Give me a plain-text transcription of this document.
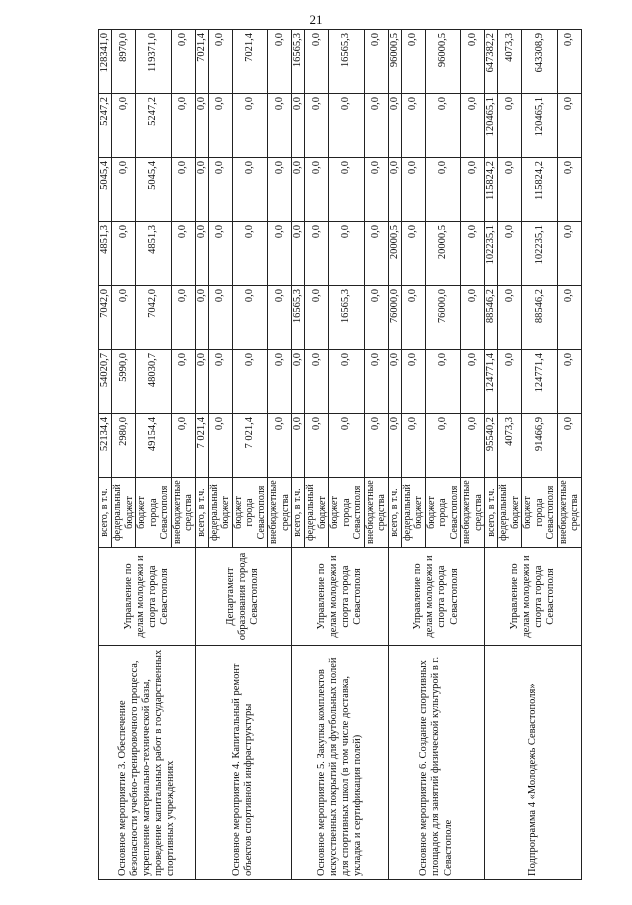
21
Основное мероприятие 3. Обеспечение безопасности учебно-тренировочного процесса, укрепление материально-технической базы, проведение капитальных работ в государственных спортивных учреждениях	Управление по делам молодежи и спорта города Севастополя	всего, в т.ч.	52134,4	54020,7	7042,0	4851,3	5045,4	5247,2	128341,0
		федеральный бюджет	2980,0	5990,0	0,0	0,0	0,0	0,0	8970,0
		бюджет города Севастополя	49154,4	48030,7	7042,0	4851,3	5045,4	5247,2	119371,0
		внебюджетные средства	0,0	0,0	0,0	0,0	0,0	0,0	0,0
Основное мероприятие 4. Капитальный ремонт объектов спортивной инфраструктуры	Департамент образования города Севастополя	всего, в т.ч.	7 021,4	0,0	0,0	0,0	0,0	0,0	7021,4
		федеральный бюджет	0,0	0,0	0,0	0,0	0,0	0,0	0,0
		бюджет города Севастополя	7 021,4	0,0	0,0	0,0	0,0	0,0	7021,4
		внебюджетные средства	0,0	0,0	0,0	0,0	0,0	0,0	0,0
Основное мероприятие 5. Закупка комплектов искусственных покрытий для футбольных полей для спортивных школ (в том числе доставка, укладка и сертификация полей)	Управление по делам молодежи и спорта города Севастополя	всего, в т.ч.	0,0	0,0	16565,3	0,0	0,0	0,0	16565,3
		федеральный бюджет	0,0	0,0	0,0	0,0	0,0	0,0	0,0
		бюджет города Севастополя	0,0	0,0	16565,3	0,0	0,0	0,0	16565,3
		внебюджетные средства	0,0	0,0	0,0	0,0	0,0	0,0	0,0
Основное мероприятие 6. Создание спортивных площадок для занятий физической культурой в г. Севастополе	Управление по делам молодежи и спорта города Севастополя	всего, в т.ч.	0,0	0,0	76000,0	20000,5	0,0	0,0	96000,5
		федеральный бюджет	0,0	0,0	0,0	0,0	0,0	0,0	0,0
		бюджет города Севастополя	0,0	0,0	76000,0	20000,5	0,0	0,0	96000,5
		внебюджетные средства	0,0	0,0	0,0	0,0	0,0	0,0	0,0
Подпрограмма 4 «Молодежь Севастополя»	Управление по делам молодежи и спорта города Севастополя	всего, в т.ч.	95540,2	124771,4	88546,2	102235,1	115824,2	120465,1	647382,2
		федеральный бюджет	4073,3	0,0	0,0	0,0	0,0	0,0	4073,3
		бюджет города Севастополя	91466,9	124771,4	88546,2	102235,1	115824,2	120465,1	643308,9
		внебюджетные средства	0,0	0,0	0,0	0,0	0,0	0,0	0,0
